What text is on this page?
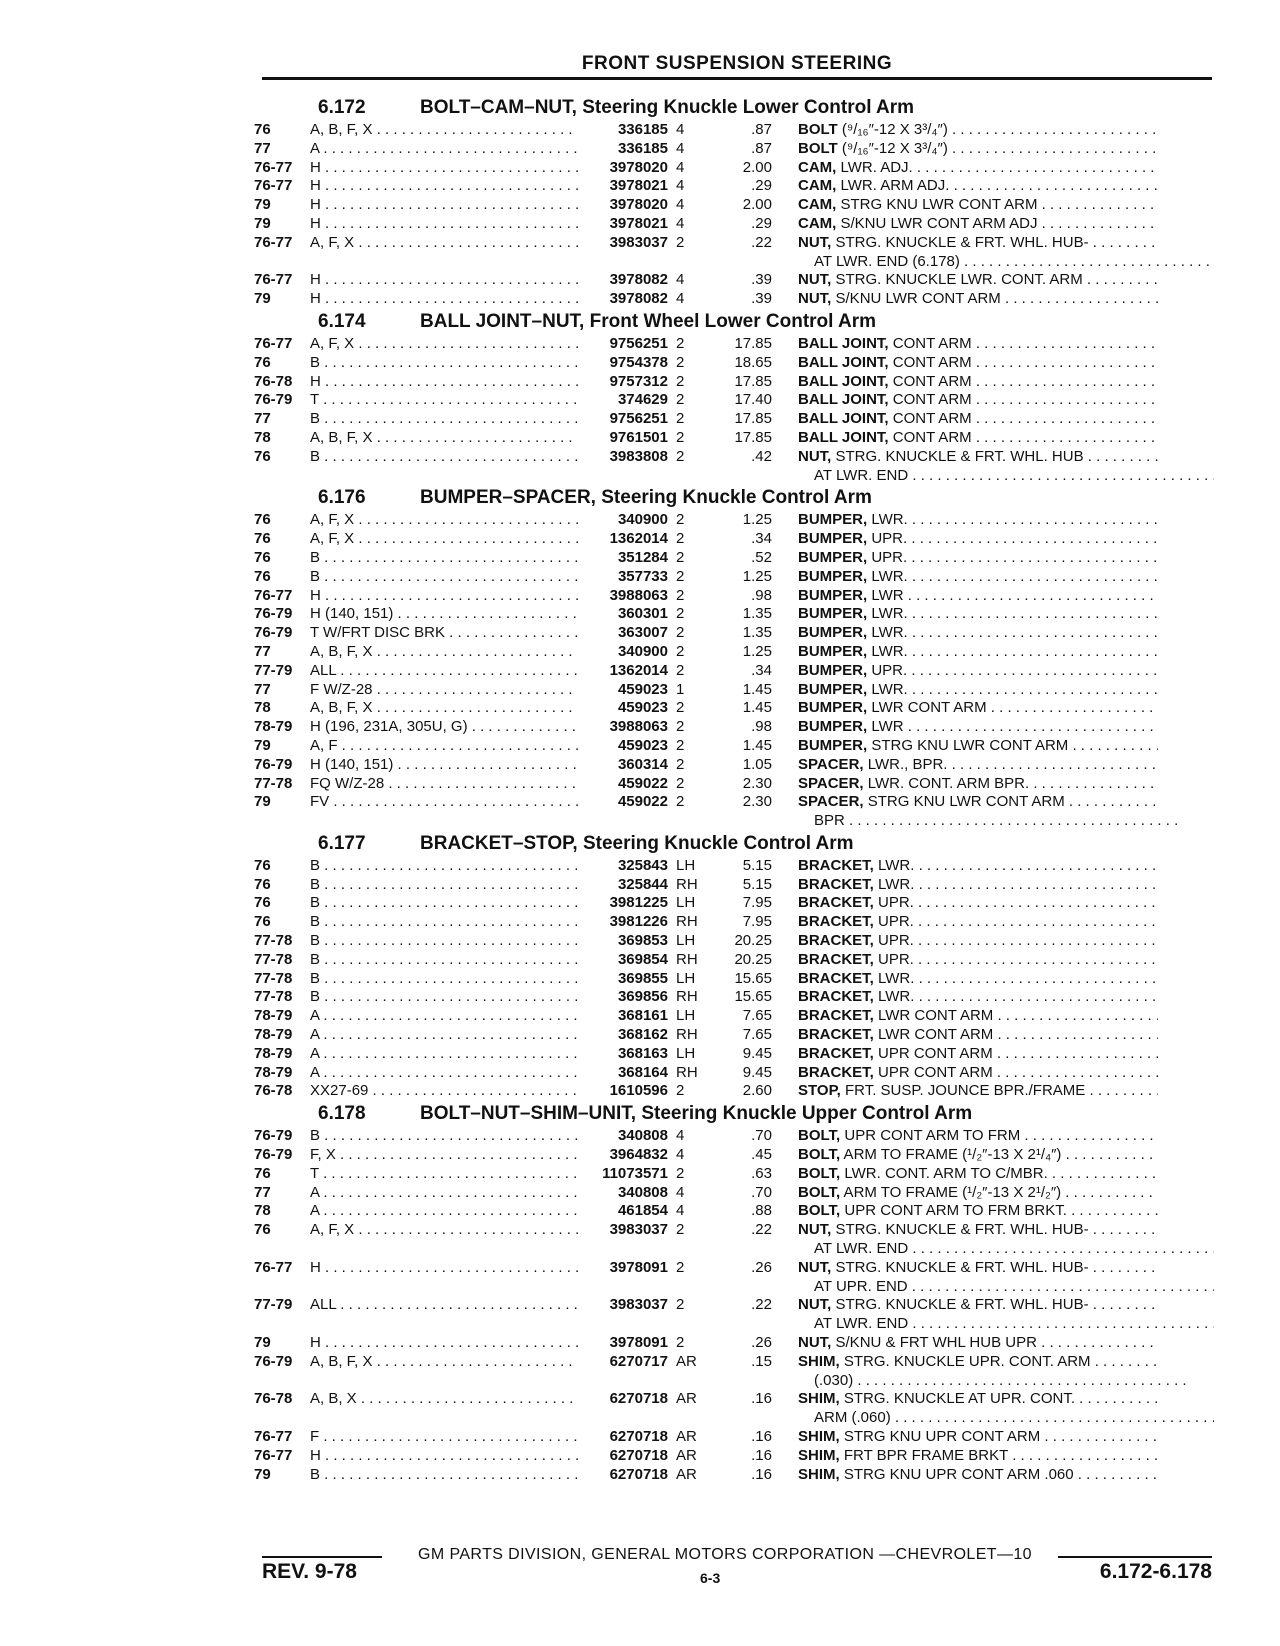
FRONT SUSPENSION STEERING
6.172	BOLT–CAM–NUT, Steering Knuckle Lower Control Arm
76	A, B, F, X . . .	336185 4	.87	BOLT (⁹/₁₆″-12 X 3³/₄″) . . .
77	A . . .	336185 4	.87	BOLT (⁹/₁₆″-12 X 3³/₄″) . . .
76-77	H . . .	3978020 4	2.00	CAM, LWR. ADJ. . . .
76-77	H . . .	3978021 4	.29	CAM, LWR. ARM ADJ. . . .
79	H . . .	3978020 4	2.00	CAM, STRG KNU LWR CONT ARM . . .
79	H . . .	3978021 4	.29	CAM, S/KNU LWR CONT ARM ADJ . . .
76-77	A, F, X . . .	3983037 2	.22	NUT, STRG. KNUCKLE & FRT. WHL. HUB- . . .
AT LWR. END (6.178) . . .
76-77	H . . .	3978082 4	.39	NUT, STRG. KNUCKLE LWR. CONT. ARM . . .
79	H . . .	3978082 4	.39	NUT, S/KNU LWR CONT ARM . . .
6.174	BALL JOINT–NUT, Front Wheel Lower Control Arm
76-77	A, F, X . . .	9756251 2	17.85	BALL JOINT, CONT ARM . . .
76	B . . .	9754378 2	18.65	BALL JOINT, CONT ARM . . .
76-78	H . . .	9757312 2	17.85	BALL JOINT, CONT ARM . . .
76-79	T . . .	374629 2	17.40	BALL JOINT, CONT ARM . . .
77	B . . .	9756251 2	17.85	BALL JOINT, CONT ARM . . .
78	A, B, F, X . . .	9761501 2	17.85	BALL JOINT, CONT ARM . . .
76	B . . .	3983808 2	.42	NUT, STRG. KNUCKLE & FRT. WHL. HUB . . .
AT LWR. END . . .
6.176	BUMPER–SPACER, Steering Knuckle Control Arm
76	A, F, X . . .	340900 2	1.25	BUMPER, LWR. . . .
76	A, F, X . . .	1362014 2	.34	BUMPER, UPR. . . .
76	B . . .	351284 2	.52	BUMPER, UPR. . . .
76	B . . .	357733 2	1.25	BUMPER, LWR. . . .
76-77	H . . .	3988063 2	.98	BUMPER, LWR . . .
76-79	H (140, 151) . . .	360301 2	1.35	BUMPER, LWR. . . .
76-79	T W/FRT DISC BRK . . .	363007 2	1.35	BUMPER, LWR. . . .
77	A, B, F, X . . .	340900 2	1.25	BUMPER, LWR. . . .
77-79	ALL . . .	1362014 2	.34	BUMPER, UPR. . . .
77	F W/Z-28 . . .	459023 1	1.45	BUMPER, LWR. . . .
78	A, B, F, X . . .	459023 2	1.45	BUMPER, LWR CONT ARM . . .
78-79	H (196, 231A, 305U, G) . . .	3988063 2	.98	BUMPER, LWR . . .
79	A, F . . .	459023 2	1.45	BUMPER, STRG KNU LWR CONT ARM . . .
76-79	H (140, 151) . . .	360314 2	1.05	SPACER, LWR., BPR. . . .
77-78	FQ W/Z-28 . . .	459022 2	2.30	SPACER, LWR. CONT. ARM BPR. . . .
79	FV . . .	459022 2	2.30	SPACER, STRG KNU LWR CONT ARM . . .
BPR . . .
6.177	BRACKET–STOP, Steering Knuckle Control Arm
76	B . . .	325843 LH	5.15	BRACKET, LWR. . . .
76	B . . .	325844 RH	5.15	BRACKET, LWR. . . .
76	B . . .	3981225 LH	7.95	BRACKET, UPR. . . .
76	B . . .	3981226 RH	7.95	BRACKET, UPR. . . .
77-78	B . . .	369853 LH	20.25	BRACKET, UPR. . . .
77-78	B . . .	369854 RH	20.25	BRACKET, UPR. . . .
77-78	B . . .	369855 LH	15.65	BRACKET, LWR. . . .
77-78	B . . .	369856 RH	15.65	BRACKET, LWR. . . .
78-79	A . . .	368161 LH	7.65	BRACKET, LWR CONT ARM . . .
78-79	A . . .	368162 RH	7.65	BRACKET, LWR CONT ARM . . .
78-79	A . . .	368163 LH	9.45	BRACKET, UPR CONT ARM . . .
78-79	A . . .	368164 RH	9.45	BRACKET, UPR CONT ARM . . .
76-78	XX27-69 . . .	1610596 2	2.60	STOP, FRT. SUSP. JOUNCE BPR./FRAME . . .
6.178	BOLT–NUT–SHIM–UNIT, Steering Knuckle Upper Control Arm
76-79	B . . .	340808 4	.70	BOLT, UPR CONT ARM TO FRM . . .
76-79	F, X . . .	3964832 4	.45	BOLT, ARM TO FRAME (¹/₂″-13 X 2¹/₄″) . . .
76	T . . .	11073571 2	.63	BOLT, LWR. CONT. ARM TO C/MBR. . . .
77	A . . .	340808 4	.70	BOLT, ARM TO FRAME (¹/₂″-13 X 2¹/₂″) . . .
78	A . . .	461854 4	.88	BOLT, UPR CONT ARM TO FRM BRKT. . . .
76	A, F, X . . .	3983037 2	.22	NUT, STRG. KNUCKLE & FRT. WHL. HUB- . . .
AT LWR. END . . .
76-77	H . . .	3978091 2	.26	NUT, STRG. KNUCKLE & FRT. WHL. HUB- . . .
AT UPR. END . . .
77-79	ALL . . .	3983037 2	.22	NUT, STRG. KNUCKLE & FRT. WHL. HUB- . . .
AT LWR. END . . .
79	H . . .	3978091 2	.26	NUT, S/KNU & FRT WHL HUB UPR . . .
76-79	A, B, F, X . . .	6270717 AR	.15	SHIM, STRG. KNUCKLE UPR. CONT. ARM . . .
(.030) . . .
76-78	A, B, X . . .	6270718 AR	.16	SHIM, STRG. KNUCKLE AT UPR. CONT. . . .
ARM (.060) . . .
76-77	F . . .	6270718 AR	.16	SHIM, STRG KNU UPR CONT ARM . . .
76-77	H . . .	6270718 AR	.16	SHIM, FRT BPR FRAME BRKT . . .
79	B . . .	6270718 AR	.16	SHIM, STRG KNU UPR CONT ARM .060 . . .
GM PARTS DIVISION, GENERAL MOTORS CORPORATION —CHEVROLET—10
REV. 9-78	6-3	6.172-6.178
